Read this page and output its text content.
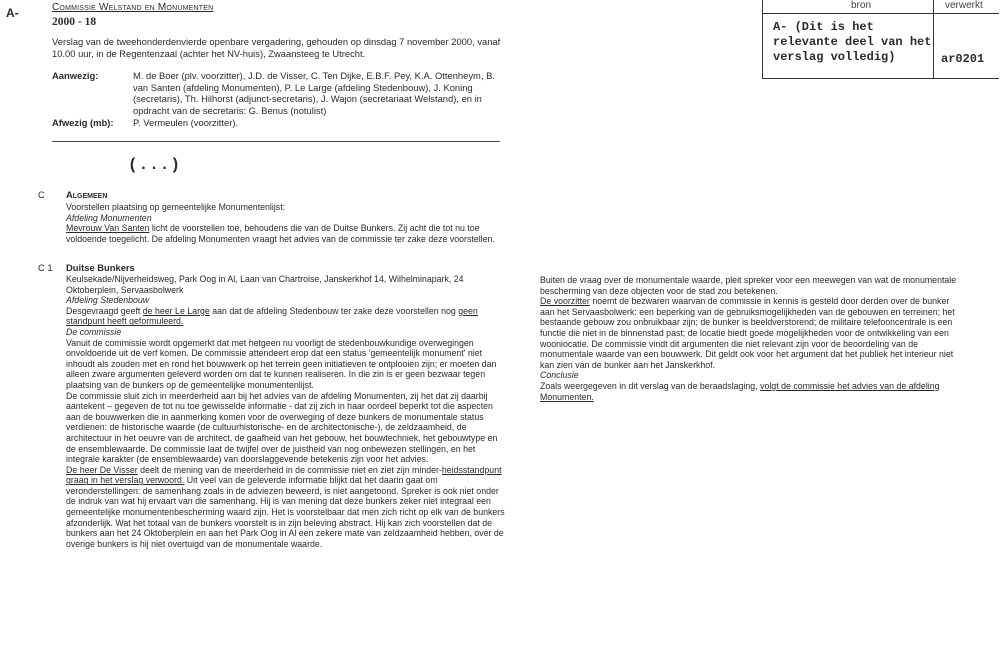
A-	Commissie Welstand en Monumenten
2000 - 18
Verslag van de tweehonderdenvierde openbare vergadering, gehouden op dinsdag 7 november 2000, vanaf 10.00 uur, in de Regentenzaal (achter het NV-huis), Zwaansteeg te Utrecht.
Aanwezig:	M. de Boer (plv. voorzitter), J.D. de Visser, C. Ten Dijke, E.B.F. Pey, K.A. Ottenheym, B. van Santen (afdeling Monumenten), P. Le Large (afdeling Stedenbouw), J. Koning (secretaris), Th. Hilhorst (adjunct-secretaris), J. Wajon (secretariaat Welstand), en in opdracht van de secretaris: G. Benus (notulist)
Afwezig (mb): P. Vermeulen (voorzitter).
(...)
bron	verwerkt
A- (Dit is het relevante deel van het verslag volledig)	ar0201
C Algemeen
Voorstellen plaatsing op gemeentelijke Monumentenlijst:
Afdeling Monumenten
Mevrouw Van Santen licht de voorstellen toe, behoudens die van de Duitse Bunkers. Zij acht die tot nu toe voldoende toegelicht. De afdeling Monumenten vraagt het advies van de commissie ter zake deze voorstellen.
C 1 Duitse Bunkers

Keulsekade/Nijverheidsweg, Park Oog in Al, Laan van Chartroise, Janskerkhof 14, Wilhelminapark, 24 Oktoberplein, Servaasbolwerk

Afdeling Stedenbouw

Desgevraagd geeft de heer Le Large aan dat de afdeling Stedenbouw ter zake deze voorstellen nog geen standpunt heeft geformuleerd.

De commissie

Vanuit de commissie wordt opgemerkt dat met hetgeen nu voorligt de stedenbouwkundige overwegingen onvoldoende uit de verf komen. De commissie attendeert erop dat een status 'gemeentelijk monument' niet inhoudt als zouden met en rond het bouwwerk op het terrein geen initiatieven te ontplooien zijn; er moeten dan alleen zware argumenten geleverd worden om dat te kunnen realiseren. In die zin is er geen bezwaar tegen plaatsing van de bunkers op de gemeentelijke monumentenlijst.

De commissie sluit zich in meerderheid aan bij het advies van de afdeling Monumenten, zij het dat zij daarbij aantekent – gegeven de tot nu toe gewisselde informatie - dat zij zich in haar oordeel beperkt tot die aspecten aan de bouwwerken die in aanmerking komen voor de overweging of deze bunkers de monumentale status verdienen: de historische waarde (de cultuurhistorische- en de architectonische-), de zeldzaamheid, de architectuur in het oeuvre van de architect, de gaafheid van het gebouw, het bouwtechniek, het gebouwtype en de ensemblewaarde. De commissie laat de twijfel over de juistheid van nog onbewezen stellingen, en het integrale karakter (de ensemblewaarde) van doorslaggevende betekenis zijn voor het advies.

De heer De Visser deelt de mening van de meerderheid in de commissie niet en ziet zijn minder-heidsstandpunt graag in het verslag verwoord. Uit veel van de geleverde informatie blijkt dat het daarin gaat om veronderstellingen: de samenhang zoals in de adviezen beweerd, is niet aangetoond. Spreker is ook niet onder de indruk van wat hij ervaart van die samenhang. Hij is van mening dat deze bunkers zeker niet integraal een gemeentelijke monumentenbescherming waard zijn. Het is voorstelbaar dat men zich richt op elk van de bunkers afzonderlijk. Wat het totaal van de bunkers voorstelt is in zijn beleving abstract. Hij kan zich voorstellen dat de bunkers aan het 24 Oktoberplein en aan het Park Oog in Al een zekere mate van zeldzaamheid hebben, over de overige bunkers is hij niet overtuigd van de monumentale waarde.

Buiten de vraag over de monumentale waarde, pleit spreker voor een meewegen van wat de monumentale bescherming van deze objecten voor de stad zou betekenen.

De voorzitter noemt de bezwaren waarvan de commissie in kennis is gesteld door derden over de bunker aan het Servaasbolwerk: een beperking van de gebruiksmogelijkheden van de gebouwen en terreinen; het bestaande gebouw zou onbruikbaar zijn; de bunker is beeldverstorend; de militaire telefooncentrale is een functie die niet in de binnenstad past; de locatie biedt goede mogelijkheden voor de ontwikkeling van een wooniocatie. De commissie vindt dit argumenten die niet relevant zijn voor de beoordeling van de monumentale waarde van een bouwwerk. Dit geldt ook voor het argument dat het publiek het interieur niet kan zien van de bunker aan het Janskerkhof.

Conclusie

Zoals weergegeven in dit verslag van de beraadslaging, volgt de commissie het advies van de afdeling Monumenten.
